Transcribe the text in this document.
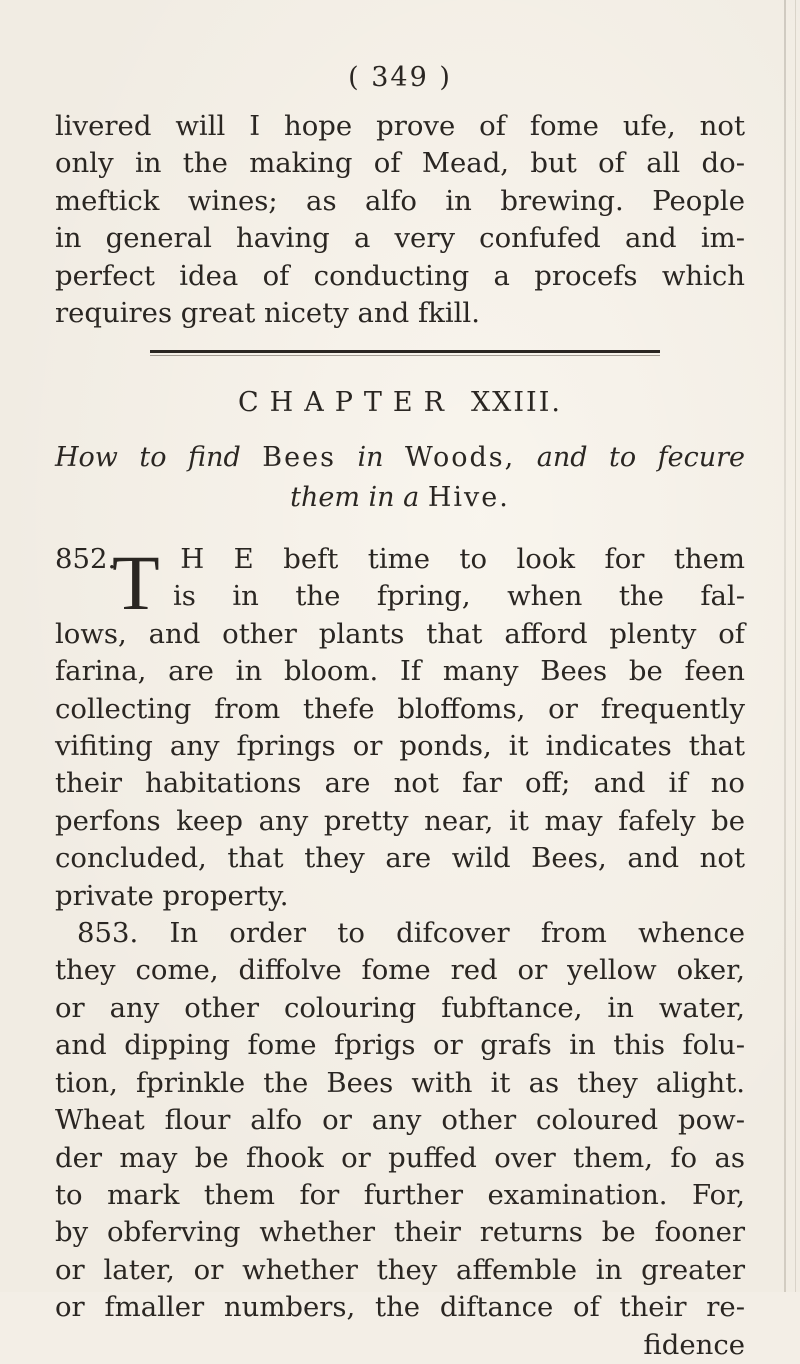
( 349 )
livered will I hope prove of fome ufe, not
only in the making of Mead, but of all do-
meftick wines; as alfo in brewing. People
in general having a very confufed and im-
perfect idea of conducting a procefs which
requires great nicety and fkill.
CHAPTER XXIII.
How to find Bees in Woods, and to fecure
them in a Hive.
T
852. H E beft time to look for them
is in the fpring, when the fal-
lows, and other plants that afford plenty of
farina, are in bloom. If many Bees be feen
collecting from thefe bloffoms, or frequently
vifiting any fprings or ponds, it indicates that
their habitations are not far off; and if no
perfons keep any pretty near, it may fafely be
concluded, that they are wild Bees, and not
private property.
853. In order to difcover from whence
they come, diffolve fome red or yellow oker,
or any other colouring fubftance, in water,
and dipping fome fprigs or grafs in this folu-
tion, fprinkle the Bees with it as they alight.
Wheat flour alfo or any other coloured pow-
der may be fhook or puffed over them, fo as
to mark them for further examination. For,
by obferving whether their returns be fooner
or later, or whether they affemble in greater
or fmaller numbers, the diftance of their re-
fidence
